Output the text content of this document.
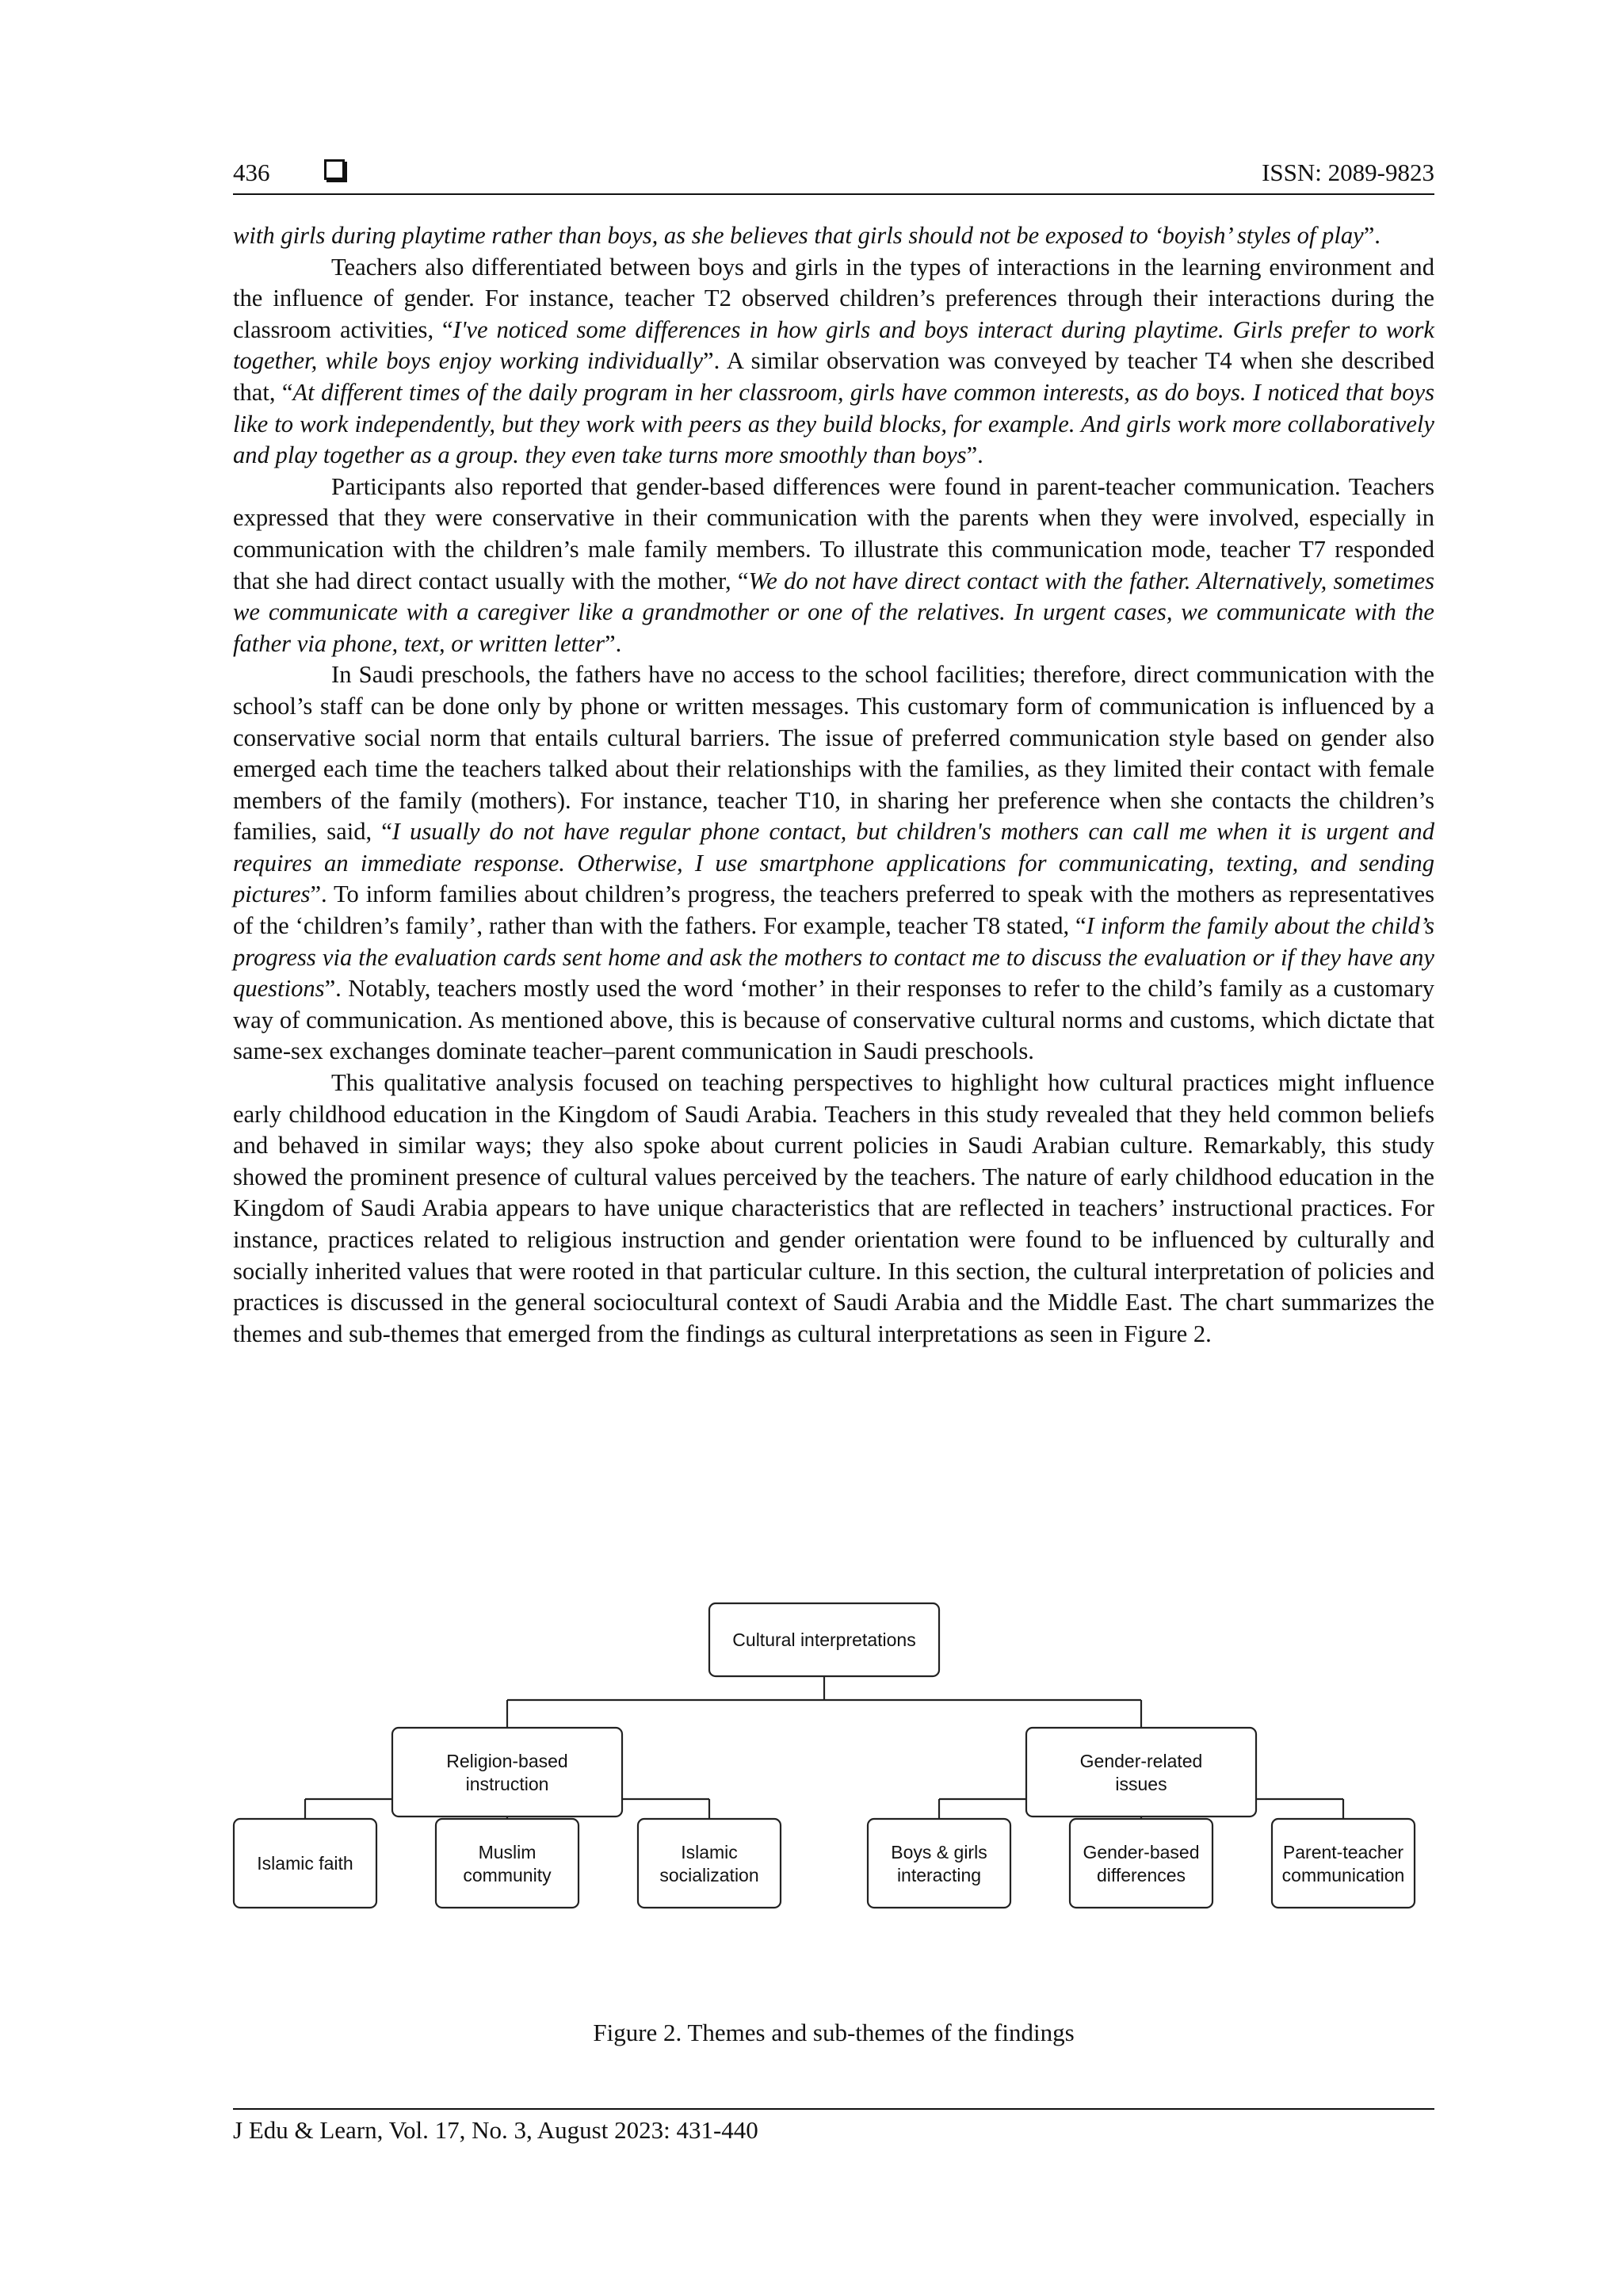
436	ISSN: 2089-9823

with girls during playtime rather than boys, as she believes that girls should not be exposed to ‘boyish’ styles of play”.

Teachers also differentiated between boys and girls in the types of interactions in the learning environment and the influence of gender. For instance, teacher T2 observed children’s preferences through their interactions during the classroom activities, “I've noticed some differences in how girls and boys interact during playtime. Girls prefer to work together, while boys enjoy working individually”. A similar observation was conveyed by teacher T4 when she described that, “At different times of the daily program in her classroom, girls have common interests, as do boys. I noticed that boys like to work independently, but they work with peers as they build blocks, for example. And girls work more collaboratively and play together as a group. they even take turns more smoothly than boys”.

Participants also reported that gender-based differences were found in parent-teacher communication. Teachers expressed that they were conservative in their communication with the parents when they were involved, especially in communication with the children’s male family members. To illustrate this communication mode, teacher T7 responded that she had direct contact usually with the mother, “We do not have direct contact with the father. Alternatively, sometimes we communicate with a caregiver like a grandmother or one of the relatives. In urgent cases, we communicate with the father via phone, text, or written letter”.

In Saudi preschools, the fathers have no access to the school facilities; therefore, direct communication with the school’s staff can be done only by phone or written messages. This customary form of communication is influenced by a conservative social norm that entails cultural barriers. The issue of preferred communication style based on gender also emerged each time the teachers talked about their relationships with the families, as they limited their contact with female members of the family (mothers). For instance, teacher T10, in sharing her preference when she contacts the children’s families, said, “I usually do not have regular phone contact, but children's mothers can call me when it is urgent and requires an immediate response. Otherwise, I use smartphone applications for communicating, texting, and sending pictures”. To inform families about children’s progress, the teachers preferred to speak with the mothers as representatives of the ‘children’s family’, rather than with the fathers. For example, teacher T8 stated, “I inform the family about the child’s progress via the evaluation cards sent home and ask the mothers to contact me to discuss the evaluation or if they have any questions”. Notably, teachers mostly used the word ‘mother’ in their responses to refer to the child’s family as a customary way of communication. As mentioned above, this is because of conservative cultural norms and customs, which dictate that same-sex exchanges dominate teacher–parent communication in Saudi preschools.

This qualitative analysis focused on teaching perspectives to highlight how cultural practices might influence early childhood education in the Kingdom of Saudi Arabia. Teachers in this study revealed that they held common beliefs and behaved in similar ways; they also spoke about current policies in Saudi Arabian culture. Remarkably, this study showed the prominent presence of cultural values perceived by the teachers. The nature of early childhood education in the Kingdom of Saudi Arabia appears to have unique characteristics that are reflected in teachers’ instructional practices. For instance, practices related to religious instruction and gender orientation were found to be influenced by culturally and socially inherited values that were rooted in that particular culture. In this section, the cultural interpretation of policies and practices is discussed in the general sociocultural context of Saudi Arabia and the Middle East. The chart summarizes the themes and sub-themes that emerged from the findings as cultural interpretations as seen in Figure 2.

Cultural interpretations
Religion-based
instruction
Gender-related
issues
Islamic faith
Muslim
community
Islamic
socialization
Boys & girls
interacting
Gender-based
differences
Parent-teacher
communication
Figure 2. Themes and sub-themes of the findings
J Edu & Learn, Vol. 17, No. 3, August 2023: 431-440
